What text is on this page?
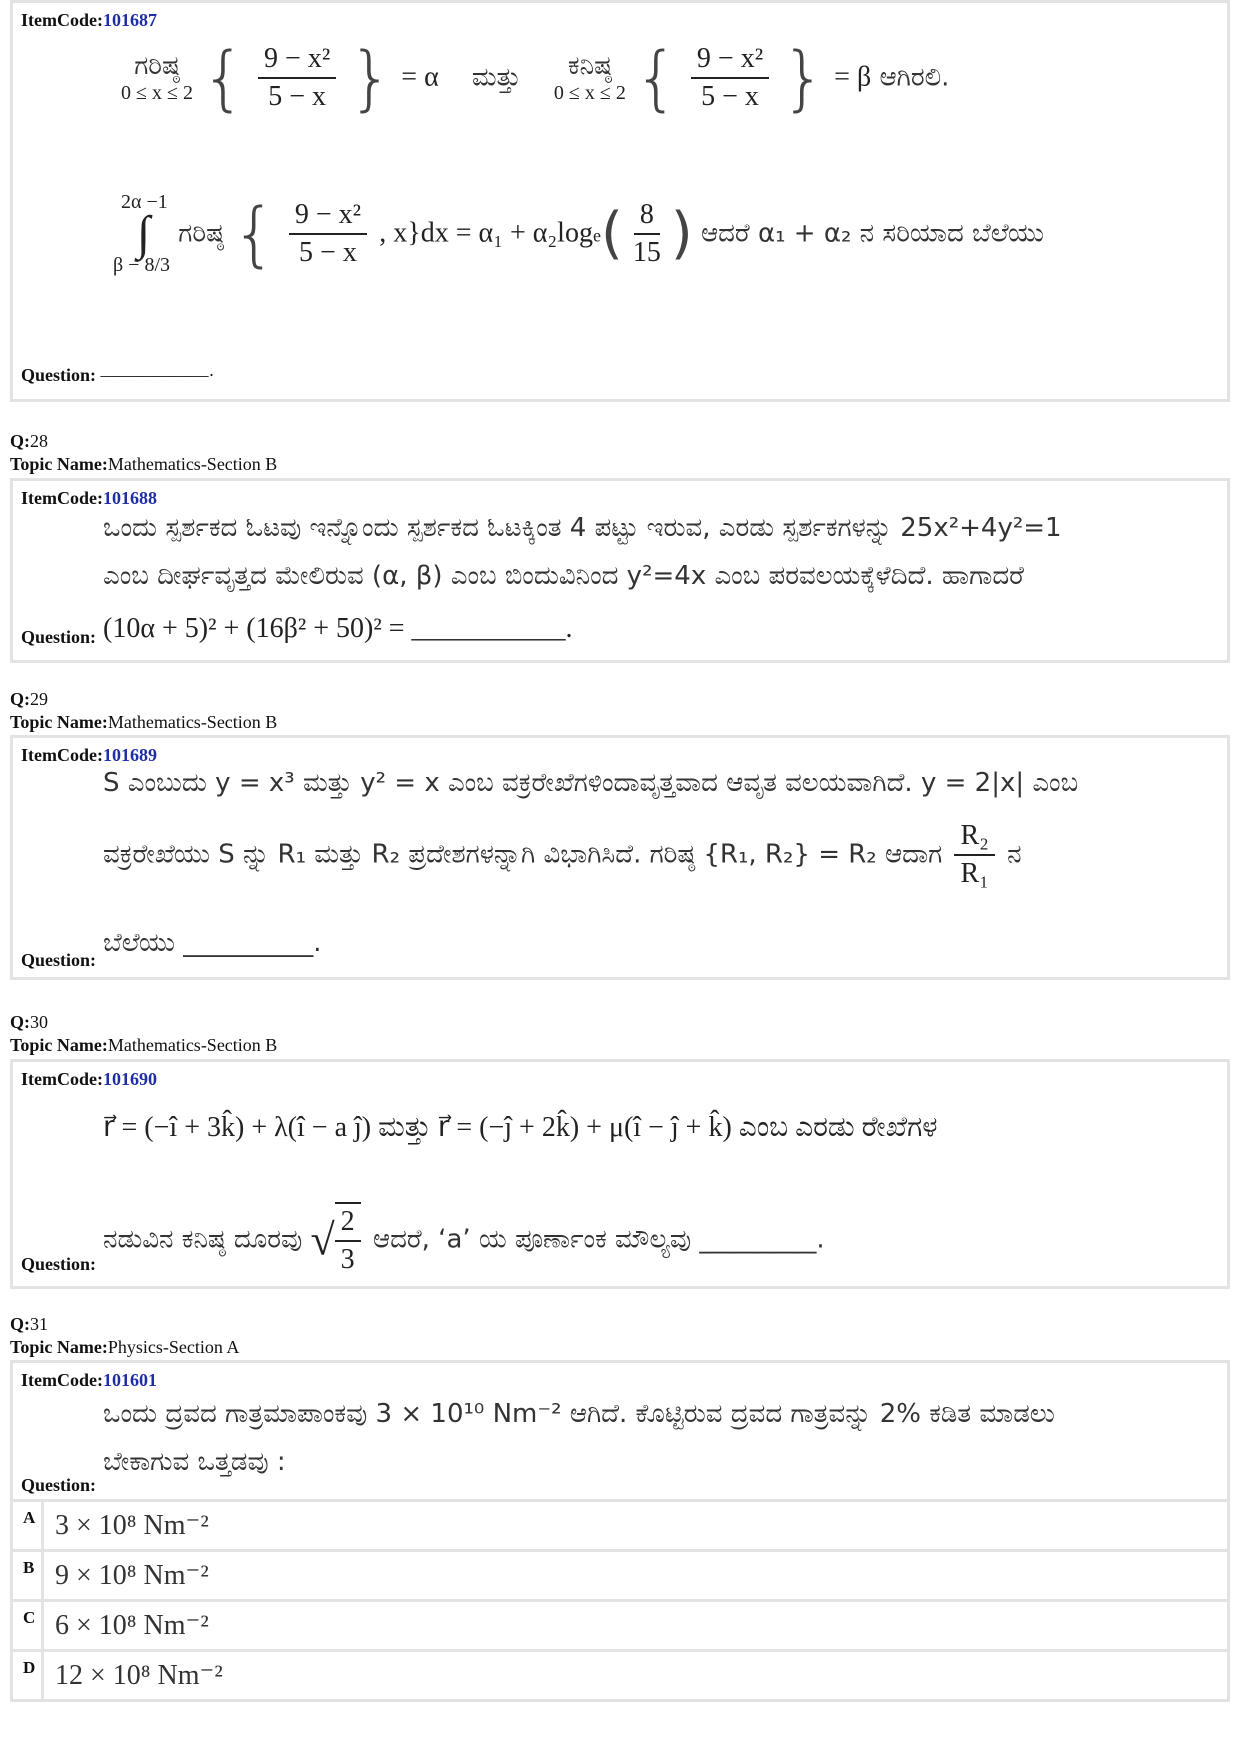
ItemCode:101687
ಗರಿಷ್ಠ
0 ≤ x ≤ 2 { $\frac{\text{9 − x²}}{5 - x}$ } = α ಮತ್ತು ಕನಿಷ್ಠ
0 ≤ x ≤ 2 { $\frac{\text{9 − x²}}{5 - x}$ } = β ಆಗಿರಲಿ.
2α −1
∫
β − 8/3
ಗರಿಷ್ಠ { $\frac{\text{9 − x²}}{5 - x}$ , $x\}dx = \alpha_1 + \alpha_2\log e( \frac{8}{15}$ ) ಆದರೆ α₁ + α₂ ನ ಸರಿಯಾದ ಬೆಲೆಯು
Question: ——————·
Q:28
Topic Name:Mathematics-Section B
ItemCode:101688
ಒಂದು ಸ್ಪರ್ಶಕದ ಓಟವು ಇನ್ನೊಂದು ಸ್ಪರ್ಶಕದ ಓಟಕ್ಕಿಂತ 4 ಪಟ್ಟು ಇರುವ, ಎರಡು ಸ್ಪರ್ಶಕಗಳನ್ನು 25x²+4y²=1
ಎಂಬ ದೀರ್ಘವೃತ್ತದ ಮೇಲಿರುವ (α, β) ಎಂಬ ಬಿಂದುವಿನಿಂದ y²=4x ಎಂಬ ಪರವಲಯಕ್ಕೆಳೆದಿದೆ. ಹಾಗಾದರೆ
(10α + 5)² + (16β² + 50)² = ___________.
Question:
Q:29
Topic Name:Mathematics-Section B
ItemCode:101689
S ಎಂಬುದು y = x³ ಮತ್ತು y² = x ಎಂಬ ವಕ್ರರೇಖೆಗಳಿಂದಾವೃತ್ತವಾದ ಆವೃತ ವಲಯವಾಗಿದೆ. y = 2|x| ಎಂಬ
ವಕ್ರರೇಖೆಯು S ನ್ನು R₁ ಮತ್ತು R₂ ಪ್ರದೇಶಗಳನ್ನಾಗಿ ವಿಭಾಗಿಸಿದೆ. ಗರಿಷ್ಠ {R₁, R₂} = R₂ ಆದಾಗ $\frac{\text{R₂}}{\text{R₁}}$ ನ
ಬೆಲೆಯು __________.
Question:
Q:30
Topic Name:Mathematics-Section B
ItemCode:101690
r⃗ = (−î + 3k̂) + λ(î − a ĵ) ಮತ್ತು r⃗ = (−ĵ + 2k̂) + μ(î − ĵ + k̂) ಎಂಬ ಎರಡು ರೇಖೆಗಳ
ನಡುವಿನ ಕನಿಷ್ಠ ದೂರವು √ $\frac{2}{3}$ ಆದರೆ, ‘a’ ಯ ಪೂರ್ಣಾಂಕ ಮೌಲ್ಯವು _________.
Question:
Q:31
Topic Name:Physics-Section A
ItemCode:101601
ಒಂದು ದ್ರವದ ಗಾತ್ರಮಾಪಾಂಕವು 3 × 10¹⁰ Nm⁻² ಆಗಿದೆ. ಕೊಟ್ಟಿರುವ ದ್ರವದ ಗಾತ್ರವನ್ನು 2% ಕಡಿತ ಮಾಡಲು
ಬೇಕಾಗುವ ಒತ್ತಡವು :
Question:
A 3 × 10⁸ Nm⁻²
B 9 × 10⁸ Nm⁻²
C 6 × 10⁸ Nm⁻²
D 12 × 10⁸ Nm⁻²
